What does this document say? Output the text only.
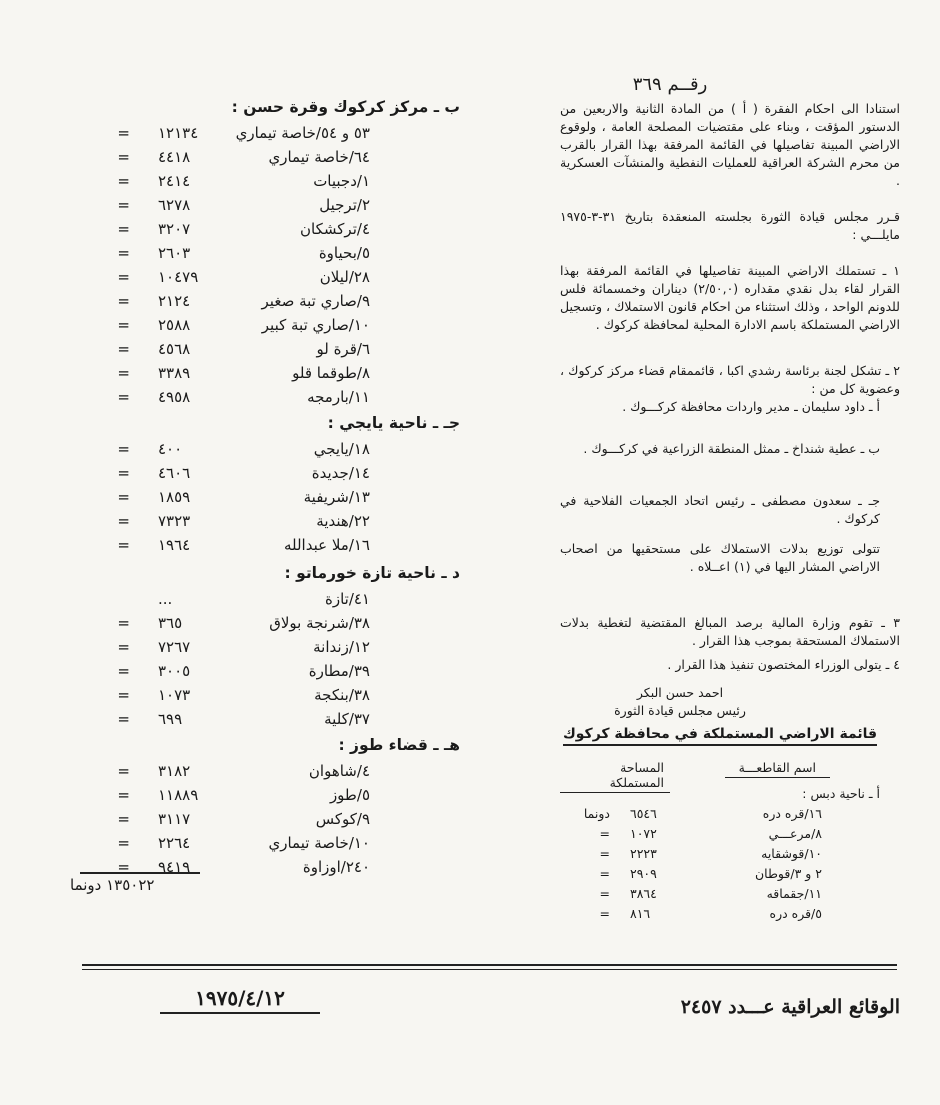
رقــم ٣٦٩

استنادا الى احكام الفقرة ( أ ) من المادة الثانية والاربعين من الدستور المؤقت ، وبناء على مقتضيات المصلحة العامة ، ولوقوع الاراضي المبينة تفاصيلها في القائمة المرفقة بهذا القرار بالقرب من محرم الشركة العراقية للعمليات النفطية والمنشآت العسكرية .

قـرر مجلس قيادة الثورة بجلسته المنعقدة بتاريخ ٣١-٣-١٩٧٥ مايلـــي :

١ ـ تستملك الاراضي المبينة تفاصيلها في القائمة المرفقة بهذا القرار لقاء بدل نقدي مقداره (٢/٥٠,٠) ديناران وخمسمائة فلس للدونم الواحد ، وذلك استثناء من احكام قانون الاستملاك ، وتسجيل الاراضي المستملكة باسم الادارة المحلية لمحافظة كركوك .

٢ ـ تشكل لجنة برئاسة رشدي اكبا ، قائممقام قضاء مركز كركوك ، وعضوية كل من :

أ ـ داود سليمان ـ مدير واردات محافظة كركـــوك .

ب ـ عطية شنداخ ـ ممثل المنطقة الزراعية في كركـــوك .

جـ ـ سعدون مصطفى ـ رئيس اتحاد الجمعيات الفلاحية في كركوك .

تتولى توزيع بدلات الاستملاك على مستحقيها من اصحاب الاراضي المشار اليها في (١) اعــلاه .

٣ ـ تقوم وزارة المالية برصد المبالغ المقتضية لتغطية بدلات الاستملاك المستحقة بموجب هذا القرار .

٤ ـ يتولى الوزراء المختصون تنفيذ هذا القرار .

احمد حسن البكر
رئيس مجلس قيادة الثورة
قائمة الاراضي المستملكة في محافظة كركوك
اسم القاطعـــة
المساحة المستملكة
أ ـ ناحية دبس :
١٦/قره دره
٦٥٤٦
دونما
٨/مرعـــي
١٠٧٢
=
١٠/قوشقايه
٢٢٢٣
=
٢ و ٣/قوطان
٢٩٠٩
=
١١/جقماقه
٣٨٦٤
=
٥/قره دره
٨١٦
=
ب ـ مركز كركوك وقرة حسن :
٥٣ و ٥٤/خاصة تيماري
١٢١٣٤
=
٦٤/خاصة تيماري
٤٤١٨
=
١/دجبيات
٢٤١٤
=
٢/ترجيل
٦٢٧٨
=
٤/تركشكان
٣٢٠٧
=
٥/بحياوة
٢٦٠٣
=
٢٨/ليلان
١٠٤٧٩
=
٩/صاري تبة صغير
٢١٢٤
=
١٠/صاري تبة كبير
٢٥٨٨
=
٦/قرة لو
٤٥٦٨
=
٨/طوقما قلو
٣٣٨٩
=
١١/بارمجه
٤٩٥٨
=
جـ ـ ناحية يايجي :
١٨/يايجي
٤٠٠
=
١٤/جديدة
٤٦٠٦
=
١٣/شريفية
١٨٥٩
=
٢٢/هندية
٧٣٢٣
=
١٦/ملا عبدالله
١٩٦٤
=
د ـ ناحية تازة خورماتو :
٤١/تازة
...
٣٨/شرنجة بولاق
٣٦٥
=
١٢/زندانة
٧٢٦٧
=
٣٩/مطارة
٣٠٠٥
=
٣٨/بنكجة
١٠٧٣
=
٣٧/كلية
٦٩٩
=
هـ ـ قضاء طوز :
٤/شاهوان
٣١٨٢
=
٥/طوز
١١٨٨٩
=
٩/كوكس
٣١١٧
=
١٠/خاصة تيماري
٢٢٦٤
=
٢٤٠/اوزاوة
٩٤١٩
=
١٣٥٠٢٢ دونما
١٩٧٥/٤/١٢	الوقائع العراقية عـــدد ٢٤٥٧
